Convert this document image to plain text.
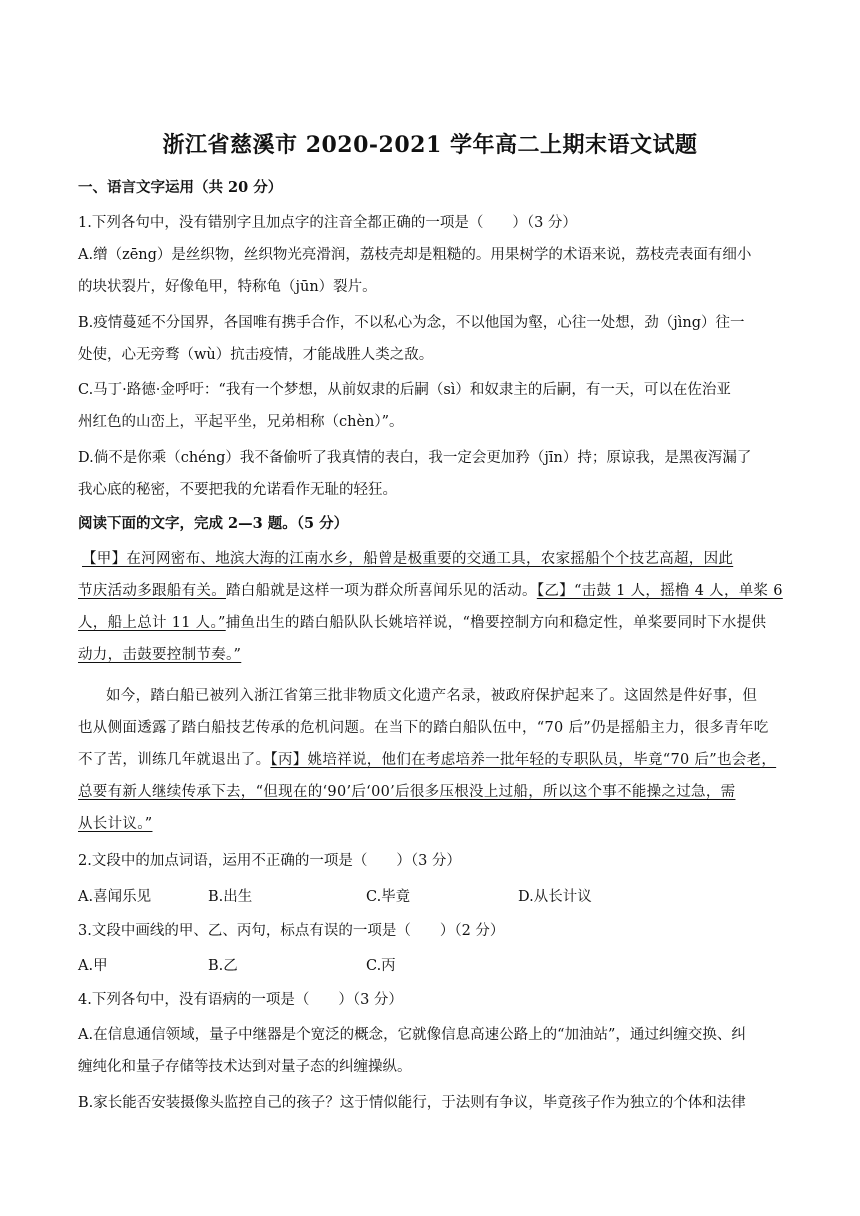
浙江省慈溪市 2020-2021 学年高二上期末语文试题
一、语言文字运用（共 20 分）
1.下列各句中，没有错别字且加点字的注音全都正确的一项是（　　）（3 分）
A.缯（zēng）是丝织物，丝织物光亮滑润，荔枝壳却是粗糙的。用果树学的术语来说，荔枝壳表面有细小
的块状裂片，好像龟甲，特称龟（jūn）裂片。
B.疫情蔓延不分国界，各国唯有携手合作，不以私心为念，不以他国为壑，心往一处想，劲（jìng）往一
处使，心无旁骛（wù）抗击疫情，才能战胜人类之敌。
C.马丁·路德·金呼吁：“我有一个梦想，从前奴隶的后嗣（sì）和奴隶主的后嗣，有一天，可以在佐治亚
州红色的山峦上，平起平坐，兄弟相称（chèn）”。
D.倘不是你乘（chéng）我不备偷听了我真情的表白，我一定会更加矜（jīn）持；原谅我，是黑夜泻漏了
我心底的秘密，不要把我的允诺看作无耻的轻狂。
阅读下面的文字，完成 2—3 题。（5 分）
【甲】在河网密布、地滨大海的江南水乡，船曾是极重要的交通工具，农家摇船个个技艺高超，因此
节庆活动多跟船有关。踏白船就是这样一项为群众所喜闻乐见的活动。【乙】“击鼓 1 人，摇橹 4 人，单桨 6
人，船上总计 11 人。”捕鱼出生的踏白船队队长姚培祥说，“橹要控制方向和稳定性，单桨要同时下水提供
动力，击鼓要控制节奏。”
如今，踏白船已被列入浙江省第三批非物质文化遗产名录，被政府保护起来了。这固然是件好事，但
也从侧面透露了踏白船技艺传承的危机问题。在当下的踏白船队伍中，“70 后”仍是摇船主力，很多青年吃
不了苦，训练几年就退出了。【丙】姚培祥说，他们在考虑培养一批年轻的专职队员，毕竟“70 后”也会老，
总要有新人继续传承下去，“但现在的‘90’后‘00’后很多压根没上过船，所以这个事不能操之过急，需
从长计议。”
2.文段中的加点词语，运用不正确的一项是（　　）（3 分）
A.喜闻乐见	B.出生	C.毕竟	D.从长计议
3.文段中画线的甲、乙、丙句，标点有误的一项是（　　）（2 分）
A.甲	B.乙	C.丙
4.下列各句中，没有语病的一项是（　　）（3 分）
A.在信息通信领域，量子中继器是个宽泛的概念，它就像信息高速公路上的“加油站”，通过纠缠交换、纠
缠纯化和量子存储等技术达到对量子态的纠缠操纵。
B.家长能否安装摄像头监控自己的孩子？这于情似能行，于法则有争议，毕竟孩子作为独立的个体和法律
